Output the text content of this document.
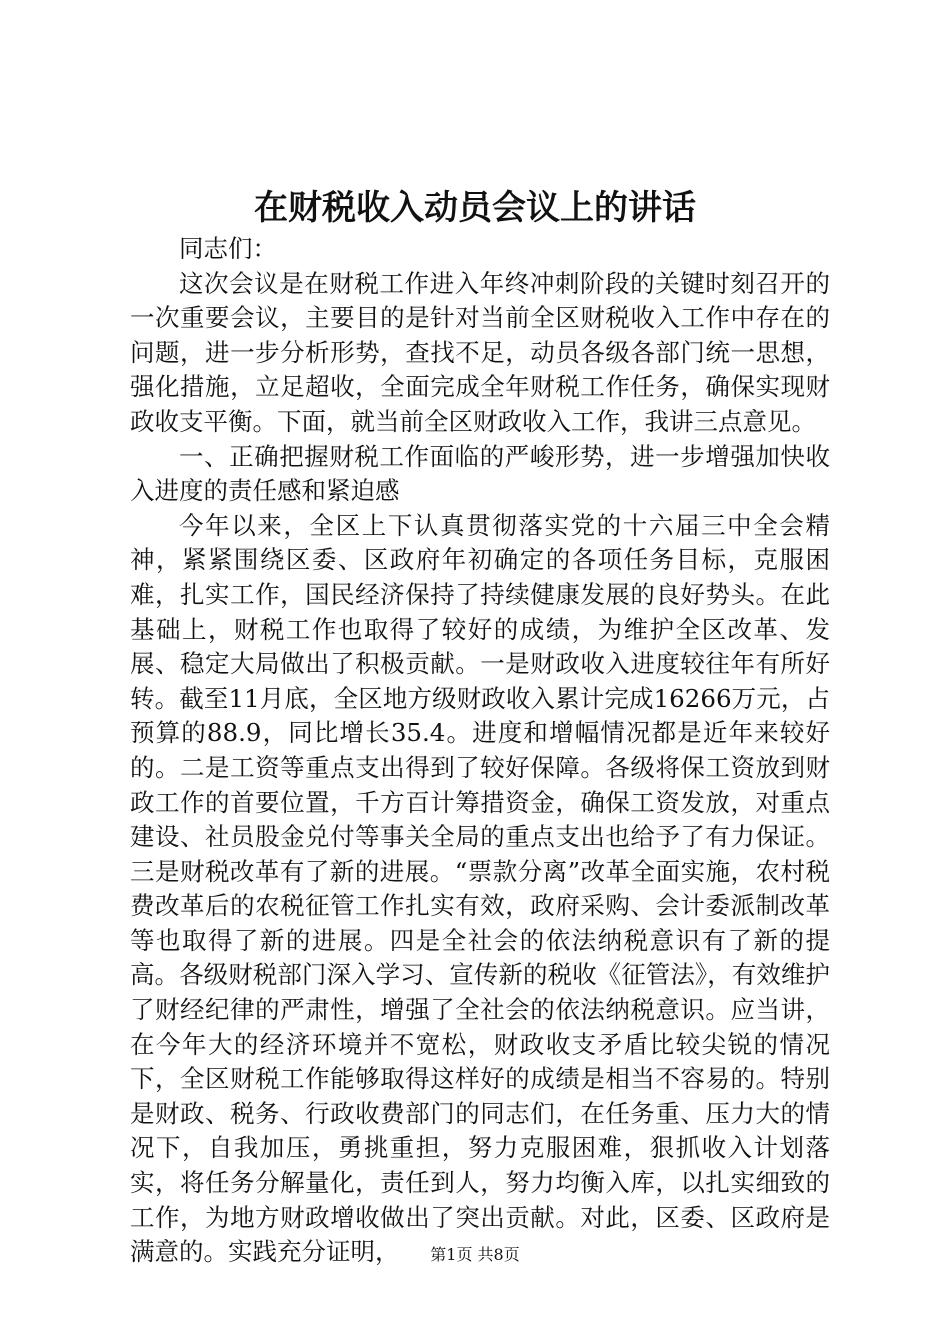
在财税收入动员会议上的讲话

同志们：

这次会议是在财税工作进入年终冲刺阶段的关键时刻召开的一次重要会议，主要目的是针对当前全区财税收入工作中存在的问题，进一步分析形势，查找不足，动员各级各部门统一思想，强化措施，立足超收，全面完成全年财税工作任务，确保实现财政收支平衡。下面，就当前全区财政收入工作，我讲三点意见。

一、正确把握财税工作面临的严峻形势，进一步增强加快收入进度的责任感和紧迫感

今年以来，全区上下认真贯彻落实党的十六届三中全会精神，紧紧围绕区委、区政府年初确定的各项任务目标，克服困难，扎实工作，国民经济保持了持续健康发展的良好势头。在此基础上，财税工作也取得了较好的成绩，为维护全区改革、发展、稳定大局做出了积极贡献。一是财政收入进度较往年有所好转。截至11月底，全区地方级财政收入累计完成16266万元，占预算的88.9，同比增长35.4。进度和增幅情况都是近年来较好的。二是工资等重点支出得到了较好保障。各级将保工资放到财政工作的首要位置，千方百计筹措资金，确保工资发放，对重点建设、社员股金兑付等事关全局的重点支出也给予了有力保证。三是财税改革有了新的进展。“票款分离”改革全面实施，农村税费改革后的农税征管工作扎实有效，政府采购、会计委派制改革等也取得了新的进展。四是全社会的依法纳税意识有了新的提高。各级财税部门深入学习、宣传新的税收《征管法》，有效维护了财经纪律的严肃性，增强了全社会的依法纳税意识。应当讲，在今年大的经济环境并不宽松，财政收支矛盾比较尖锐的情况下，全区财税工作能够取得这样好的成绩是相当不容易的。特别是财政、税务、行政收费部门的同志们，在任务重、压力大的情况下，自我加压，勇挑重担，努力克服困难，狠抓收入计划落实，将任务分解量化，责任到人，努力均衡入库，以扎实细致的工作，为地方财政增收做出了突出贡献。对此，区委、区政府是满意的。实践充分证明，	第1页 共8页
